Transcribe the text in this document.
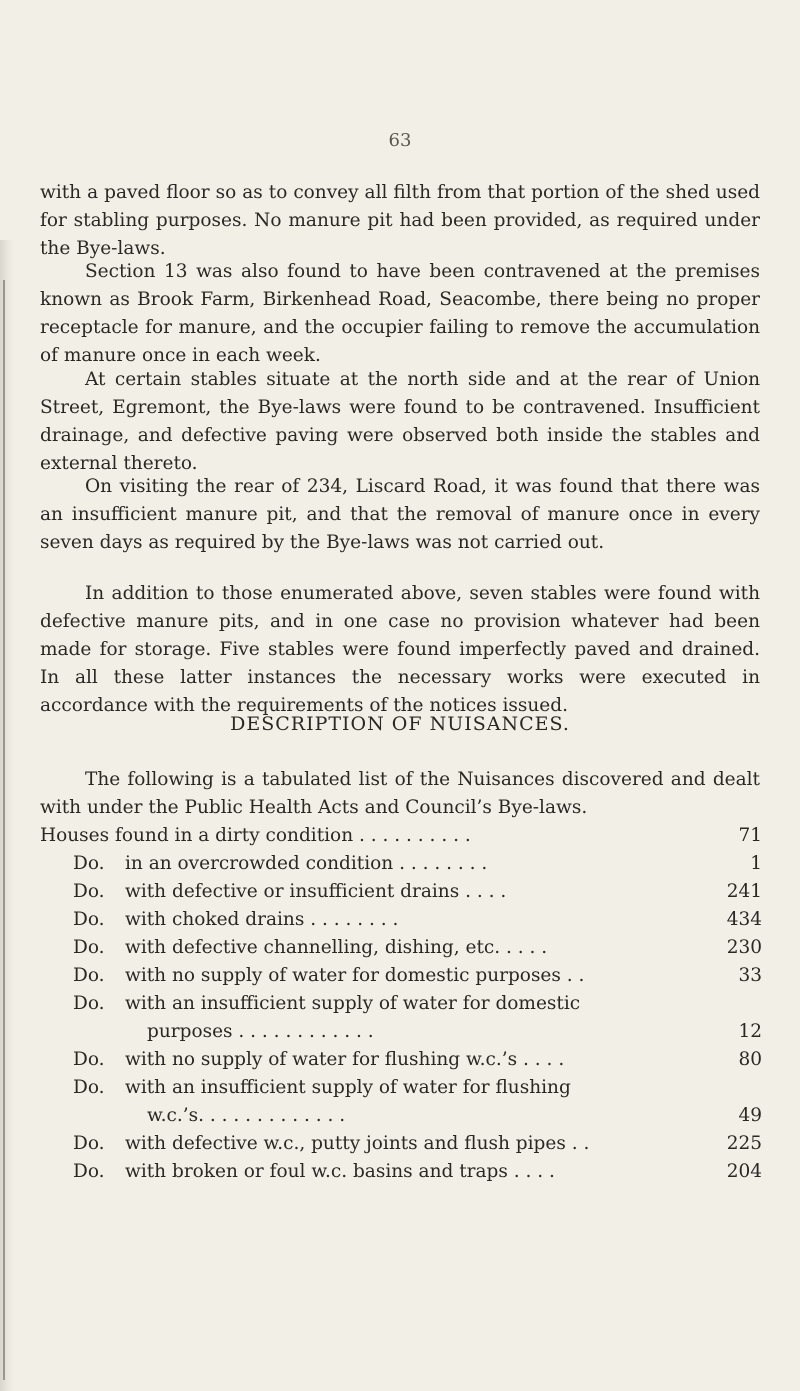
63

with a paved floor so as to convey all filth from that portion of the shed used for stabling purposes. No manure pit had been provided, as required under the Bye-laws.

Section 13 was also found to have been contravened at the premises known as Brook Farm, Birkenhead Road, Seacombe, there being no proper receptacle for manure, and the occupier failing to remove the accumulation of manure once in each week.

At certain stables situate at the north side and at the rear of Union Street, Egremont, the Bye-laws were found to be contravened. Insufficient drainage, and defective paving were observed both inside the stables and external thereto.

On visiting the rear of 234, Liscard Road, it was found that there was an insufficient manure pit, and that the removal of manure once in every seven days as required by the Bye-laws was not carried out.

In addition to those enumerated above, seven stables were found with defective manure pits, and in one case no provision whatever had been made for storage. Five stables were found imperfectly paved and drained. In all these latter instances the necessary works were executed in accordance with the requirements of the notices issued.

DESCRIPTION OF NUISANCES.

The following is a tabulated list of the Nuisances discovered and dealt with under the Public Health Acts and Council’s Bye-laws.

Houses found in a dirty condition . . . . . . . . . .	71
Do.	in an overcrowded condition . . . . . . . .	1
Do.	with defective or insufficient drains . . . .	241
Do.	with choked drains . . . . . . . .	434
Do.	with defective channelling, dishing, etc. . . . .	230
Do.	with no supply of water for domestic purposes . .	33
Do.	with an insufficient supply of water for domestic
purposes . . . . . . . . . . . .	12
Do.	with no supply of water for flushing w.c.’s . . . .	80
Do.	with an insufficient supply of water for flushing
w.c.’s. . . . . . . . . . . . .	49
Do.	with defective w.c., putty joints and flush pipes . .	225
Do.	with broken or foul w.c. basins and traps . . . .	204
